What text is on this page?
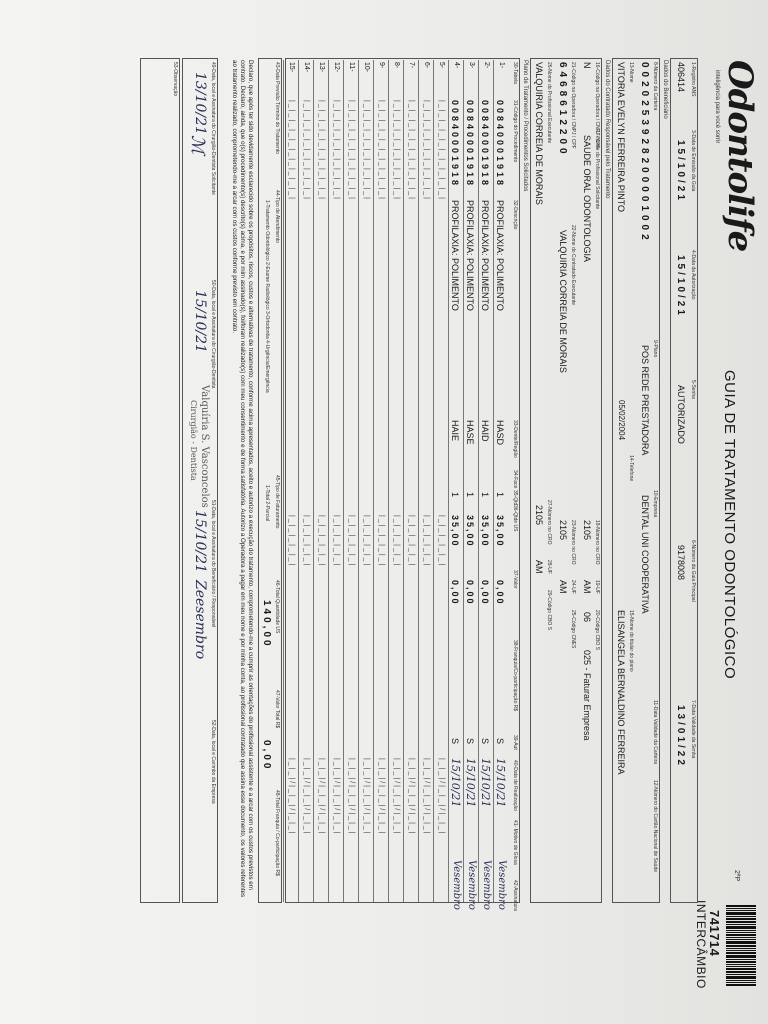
741714
INTERCÂMBIO
2ªP
Odontolife
inteligência para você sorrir
GUIA DE TRATAMENTO ODONTOLÓGICO
1-Registro ANS
406414
3-Data de Emissão da Guia
15/10/21
4-Data da Autorização
15/10/21
5-Senha
AUTORIZADO
6-Número da Guia Principal
9178008
7-Data Validade da Senha
13/01/22
Dados do Beneficiário
8-Número da Carteira
0020253928200001002
9-Plano
POS REDE PRESTADORA
10-Empresa
DENTAL UNI COOPERATIVA
11-Data Validade da Carteira
12-Número do Cartão Nacional de Saúde
13-Nome
VITORIA EVELYN FERREIRA PINTO
05/02/2004
14-Telefone
15-Nome do titular do plano
ELISANGELA BERNALDINO FERREIRA
Dados do Contratado Responsável pelo Tratamento
16-Código na Operadora / CNPJ / CPF
N
17-Nome do Profissional Solicitante
SAUDE ORAL ODONTOLOGIA
18-Número no CRO
2105
19-UF
AM
20-Código CBO S
06
025 - Faturar Empresa
21-Código na Operadora / CNPJ / CPF
6468612200
22-Nome do Contratado Executante
VALQUIRIA CORREIA DE MORAIS
23-Número no CRO
2105
24-UF
AM
25-Código CNES
26-Nome do Profissional Executante
VALQUIRIA CORREIA DE MORAIS
27-Número no CRO
2105
28-UF
AM
29-Código CBO S
Plano de Tratamento / Procedimentos Solicitados
30-Tabela
31-Código do Procedimento
32-Descrição
33-Dente/Região
34-Face
35-Qtd
36-Qtde US
37-Valor
38-Franquia/Co-participação R$
39-Aut
40-Data de Realização
41- Motivo de Glosa
42-Assinatura
1-
00840001918
PROFILAXIA: POLIMENTO
HASD
1
35,00
0,00
S
15/10/21
Vesembro
2-
00840001918
PROFILAXIA: POLIMENTO
HAID
1
35,00
0,00
S
15/10/21
Vesembro
3-
00840001918
PROFILAXIA: POLIMENTO
HASE
1
35,00
0,00
S
15/10/21
Vesembro
4-
00840001918
PROFILAXIA: POLIMENTO
HAIE
1
35,00
0,00
S
15/10/21
Vesembro
5-
|_|_|_|_|_|_|_|_|_|_|
|_|_|_|_|_|
|_|_|/|_|_|/|_|_|
6-
|_|_|_|_|_|_|_|_|_|_|
|_|_|_|_|_|
|_|_|/|_|_|/|_|_|
7-
|_|_|_|_|_|_|_|_|_|_|
|_|_|_|_|_|
|_|_|/|_|_|/|_|_|
8-
|_|_|_|_|_|_|_|_|_|_|
|_|_|_|_|_|
|_|_|/|_|_|/|_|_|
9-
|_|_|_|_|_|_|_|_|_|_|
|_|_|_|_|_|
|_|_|/|_|_|/|_|_|
10-
|_|_|_|_|_|_|_|_|_|_|
|_|_|_|_|_|
|_|_|/|_|_|/|_|_|
11-
|_|_|_|_|_|_|_|_|_|_|
|_|_|_|_|_|
|_|_|/|_|_|/|_|_|
12-
|_|_|_|_|_|_|_|_|_|_|
|_|_|_|_|_|
|_|_|/|_|_|/|_|_|
13-
|_|_|_|_|_|_|_|_|_|_|
|_|_|_|_|_|
|_|_|/|_|_|/|_|_|
14-
|_|_|_|_|_|_|_|_|_|_|
|_|_|_|_|_|
|_|_|/|_|_|/|_|_|
15-
|_|_|_|_|_|_|_|_|_|_|
|_|_|_|_|_|
|_|_|/|_|_|/|_|_|
43-Data Previsão Término do Tratamento
44-Tipo de Atendimento
1-Tratamento Odontológico 2-Exame Radiológico 3-Ortodontia 4-Urgência/Emergência
45-Tipo de Faturamento
1-Total 2-Parcial
46-Total Quantidade US
140,00
47-Valor Total R$
0,00
48-Total Franquia / Co-participação R$
Declaro, que após ter sido devidamente esclarecido sobre os propósitos, riscos, custos e alternativas de tratamento, conforme acima apresentados, aceito e autorizo a execução do tratamento, comprometendo-me a cumprir as orientações do profissional assistente e a arcar com os custos previstos em contrato. Declaro, ainda, que o(s) procedimento(s) descrito(s) acima, e por mim assinado(s), foi/foram realizado(s) com meu consentimento e de forma satisfatória. Autorizo a Operadora a pagar em meu nome e por minha conta, ao profissional contratado que assina esse documento, os valores referentes ao tratamento realizado, comprometendo-me a arcar com os custos conforme previsto em contrato.
49-Data, local e Assinatura do Cirurgião-Dentista Solicitante
13/10/21
ℳ
50-Data, local e Assinatura do Cirurgião-Dentista
15/10/21
Valquíria S. Vasconcelos
Cirurgião - Dentista
51-Data, local e Assinatura do Beneficiário / Responsável
15/10/21
Zeesembro
52-Data, local e Carimbo da Empresa
53-Observação
